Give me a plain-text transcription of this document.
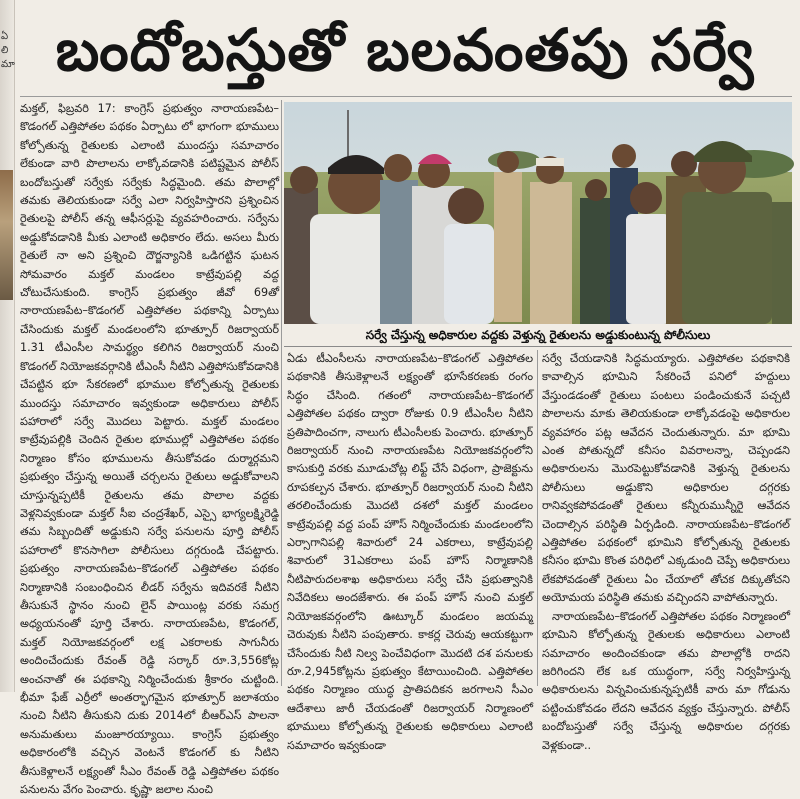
ఏ లి మా బందోబస్తుతో బలవంతపు సర్వే

మక్తల్, ఫిబ్రవరి 17: కాంగ్రెస్ ప్రభుత్వం నారాయణపేట–కొడంగల్ ఎత్తిపోతల పథకం ఏర్పాటు లో భాగంగా భూములు కోల్పోతున్న రైతులకు ఎలాంటి ముందస్తు సమాచారం లేకుండా వారి పొలాలను లాక్కోవడానికి పటిష్టమైన పోలీస్ బందోబస్తుతో సర్వేకు సర్వేకు సిద్ధమైంది. తమ పొలాల్లో తమకు తెలియకుండా సర్వే ఎలా నిర్వహిస్తారని ప్రశ్నించిన రైతులపై పోలీస్ తన్న ఆఫీసర్లుపై వ్యవహరించారు. సర్వేను అడ్డుకోవడానికి మీకు ఎలాంటి అధికారం లేదు. అసలు మీరు రైతులే నా అని ప్రశ్నించి దౌర్జన్యానికి ఒడిగట్టిన ఘటన సోమవారం మక్తల్ మండలం కాట్రేవుపల్లి వద్ద చోటుచేసుకుంది. కాంగ్రెస్ ప్రభుత్వం జీవో 69తో నారాయణపేట–కొడంగల్ ఎత్తిపోతల పథకాన్ని ఏర్పాటు చేసిందుకు మక్తల్ మండలంలోని భూత్పూర్ రిజర్వాయర్ 1.31 టీఎంసీల సామర్థ్యం కలిగిన రిజర్వాయర్ నుంచి కొడంగల్ నియోజకవర్గానికి టీఎంసీ నీటిని ఎత్తిపోసుకోవడానికి చేపట్టిన భూ సేకరణలో భూముల కోల్పోతున్న రైతులకు ముందస్తు సమాచారం ఇవ్వకుండా అధికారులు పోలీస్ పహారాలో సర్వే మొదలు పెట్టారు. మక్తల్ మండలం కాట్రేవుపల్లికి చెందిన రైతుల భూముల్లో ఎత్తిపోతల పథకం నిర్మాణం కోసం భూములను తీసుకోవడం దుర్మార్గమని ప్రభుత్వం చేస్తున్న అయితే చర్చలను రైతులు అడ్డుకోవాలని చూస్తున్నప్పటికీ రైతులను తమ పొలాల వద్దకు వెళ్లనివ్వకుండా మక్తల్ సీఐ చంద్రశేఖర్, ఎస్సై భాగ్యలక్ష్మిరెడ్డి తమ సిబ్బందితో అడ్డుకుని సర్వే పనులను పూర్తి పోలీస్ పహారాలో కొనసాగిలా పోలీసులు దగ్గరుండి చేపట్టారు. ప్రభుత్వం నారాయణపేట–కొడంగల్ ఎత్తిపోతల పథకం నిర్మాణానికి సంబంధించిన లీడర్ సర్వేను ఇదివరకే నీటిని తీసుకునే స్థానం నుంచి లైన్ పాయింట్ల వరకు సమగ్ర అధ్యయనంతో పూర్తి చేశారు. నారాయణపేట, కొడంగల్, మక్తల్ నియోజకవర్గంలో లక్ష ఎకరాలకు సాగునీరు అందించేందుకు రేవంత్ రెడ్డి సర్కార్ రూ.3,556కోట్ల అంచనాతో ఈ పథకాన్ని నిర్మించేందుకు శ్రీకారం చుట్టింది. భీమా ఫేజ్ ఎర్రీలో అంతర్భాగమైన భూత్పూర్ జలాశయం నుంచి నీటిని తీసుకుని దుకు 2014లో బీఆర్ఎస్ పాలనా అనుమతులు మంజూరయ్యాయి. కాంగ్రెస్ ప్రభుత్వం అధికారంలోకి వచ్చిన వెంటనే కొడంగల్ కు నీటిని తీసుకెళ్లాలనే లక్ష్యంతో సీఎం రేవంత్ రెడ్డి ఎత్తిపోతల పథకం పనులను వేగం పెంచారు. కృష్ణా జలాల నుంచి

సర్వే చేస్తున్న అధికారుల వద్దకు వెళ్తున్న రైతులను అడ్డుకుంటున్న పోలీసులు

ఏడు టీఎంసీలను నారాయణపేట–కొడంగల్ ఎత్తిపోతల పథకానికి తీసుకెళ్లాలనే లక్ష్యంతో భూసేకరణకు రంగం సిద్ధం చేసింది. గతంలో నారాయణపేట–కొడంగల్ ఎత్తిపోతల పథకం ద్వారా రోజుకు 0.9 టీఎంసీల నీటిని ప్రతిపాదించగా, నాలుగు టీఎంసీలకు పెంచారు. భూత్పూర్ రిజర్వాయర్ నుంచి నారాయణపేట నియోజకవర్గంలోని కాసుకుర్తి వరకు మూడుచోట్ల లిఫ్ట్ చేసే విధంగా, ప్రాజెక్టును రూపకల్పన చేశారు. భూత్పూర్ రిజర్వాయర్ నుంచి నీటిని తరలించేందుకు మొదటి దశలో మక్తల్ మండలం కాట్రేవుపల్లి వద్ద పంప్ హౌస్ నిర్మించేందుకు మండలంలోని ఎర్సాగానిపల్లి శివారులో 24 ఎకరాలు, కాట్రేవుపల్లి శివారులో 31ఎకరాలు పంప్ హౌస్ నిర్మాణానికి నీటిపారుదలశాఖ అధికారులు సర్వే చేసి ప్రభుత్వానికి నివేదికలు అందజేశారు. ఈ పంప్ హౌస్ నుంచి మక్తల్ నియోజకవర్గంలోని ఊట్కూర్ మండలం జయమ్మ చెరువుకు నీటిని పంపుతారు. కాకర్ల చెరువు ఆయకట్టుగా చేసేందుకు నీటి నిల్వ పెంచేవిధంగా మొదటి దశ పనులకు రూ.2,945కోట్లను ప్రభుత్వం కేటాయించింది. ఎత్తిపోతల పథకం నిర్మాణం యుద్ధ ప్రాతిపదికన జరగాలని సీఎం ఆదేశాలు జారీ చేయడంతో రిజర్వాయర్ నిర్మాణంలో భూములు కోల్పోతున్న రైతులకు అధికారులు ఎలాంటి సమాచారం ఇవ్వకుండా

సర్వే చేయడానికి సిద్ధమయ్యారు. ఎత్తిపోతల పథకానికి కావాల్సిన భూమిని సేకరించే పనిలో హద్దులు వేస్తుండడంతో రైతులు పంటలు పండించుకునే పచ్చటి పొలాలను మాకు తెలియకుండా లాక్కోవడంపై అధికారుల వ్యవహారం పట్ల ఆవేదన చెందుతున్నారు. మా భూమి ఎంత పోతున్నదో కనీసం వివరాలన్నా, చెప్పండని అధికారులను మొరపెట్టుకోవడానికి వెళ్తున్న రైతులను పోలీసులు అడ్డుకొని అధికారుల దగ్గరకు రానివ్వకపోవడంతో రైతులు కన్నీరుమున్నీరై ఆవేదన చెందాల్సిన పరిస్థితి ఏర్పడింది. నారాయణపేట–కొడంగల్ ఎత్తిపోతల పథకంలో భూమిని కోల్పోతున్న రైతులకు కనీసం భూమి కొంత పరిధిలో ఎక్కడుంది చెప్పే అధికారులు లేకపోవడంతో రైతులు ఏం చేయాలో తోచక దిక్కుతోచని అయోమయ పరిస్థితి తమకు వచ్చిందని వాపోతున్నారు.

నారాయణపేట–కొడంగల్ ఎత్తిపోతల పథకం నిర్మాణంలో భూమిని కోల్పోతున్న రైతులకు అధికారులు ఎలాంటి సమాచారం అందించకుండా తమ పొలాల్లోకి రాదని జరిగిందని లేక ఒక యుద్ధంగా, సర్వే నిర్వహిస్తున్న అధికారులను విన్నవించుకున్నప్పటికీ వారు మా గోడును పట్టించుకోవడం లేదని ఆవేదన వ్యక్తం చేస్తున్నారు. పోలీస్ బందోబస్తుతో సర్వే చేస్తున్న అధికారుల దగ్గరకు వెళ్లకుండా..
